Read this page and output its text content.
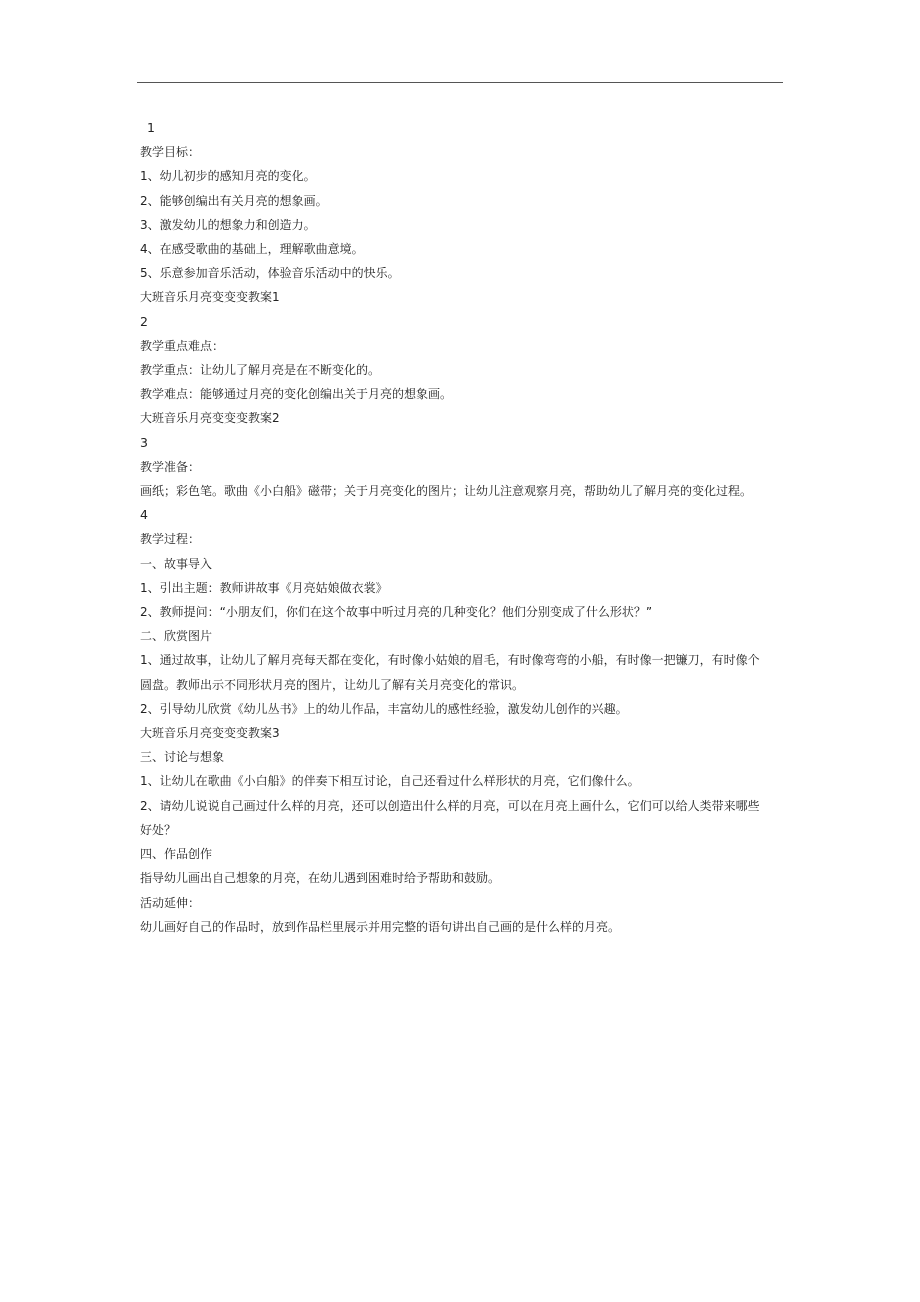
1
教学目标：
1、幼儿初步的感知月亮的变化。
2、能够创编出有关月亮的想象画。
3、激发幼儿的想象力和创造力。
4、在感受歌曲的基础上，理解歌曲意境。
5、乐意参加音乐活动，体验音乐活动中的快乐。
大班音乐月亮变变变教案1
2
教学重点难点：
教学重点：让幼儿了解月亮是在不断变化的。
教学难点：能够通过月亮的变化创编出关于月亮的想象画。
大班音乐月亮变变变教案2
3
教学准备：
画纸；彩色笔。歌曲《小白船》磁带；关于月亮变化的图片；让幼儿注意观察月亮，帮助幼儿了解月亮的变化过程。
4
教学过程：
一、故事导入
1、引出主题：教师讲故事《月亮姑娘做衣裳》
2、教师提问：“小朋友们，你们在这个故事中听过月亮的几种变化？他们分别变成了什么形状？”
二、欣赏图片
1、通过故事，让幼儿了解月亮每天都在变化，有时像小姑娘的眉毛，有时像弯弯的小船，有时像一把镰刀，有时像个
圆盘。教师出示不同形状月亮的图片，让幼儿了解有关月亮变化的常识。
2、引导幼儿欣赏《幼儿丛书》上的幼儿作品，丰富幼儿的感性经验，激发幼儿创作的兴趣。
大班音乐月亮变变变教案3
三、讨论与想象
1、让幼儿在歌曲《小白船》的伴奏下相互讨论，自己还看过什么样形状的月亮，它们像什么。
2、请幼儿说说自己画过什么样的月亮，还可以创造出什么样的月亮，可以在月亮上画什么，它们可以给人类带来哪些
好处？
四、作品创作
指导幼儿画出自己想象的月亮，在幼儿遇到困难时给予帮助和鼓励。
活动延伸：
幼儿画好自己的作品时，放到作品栏里展示并用完整的语句讲出自己画的是什么样的月亮。
